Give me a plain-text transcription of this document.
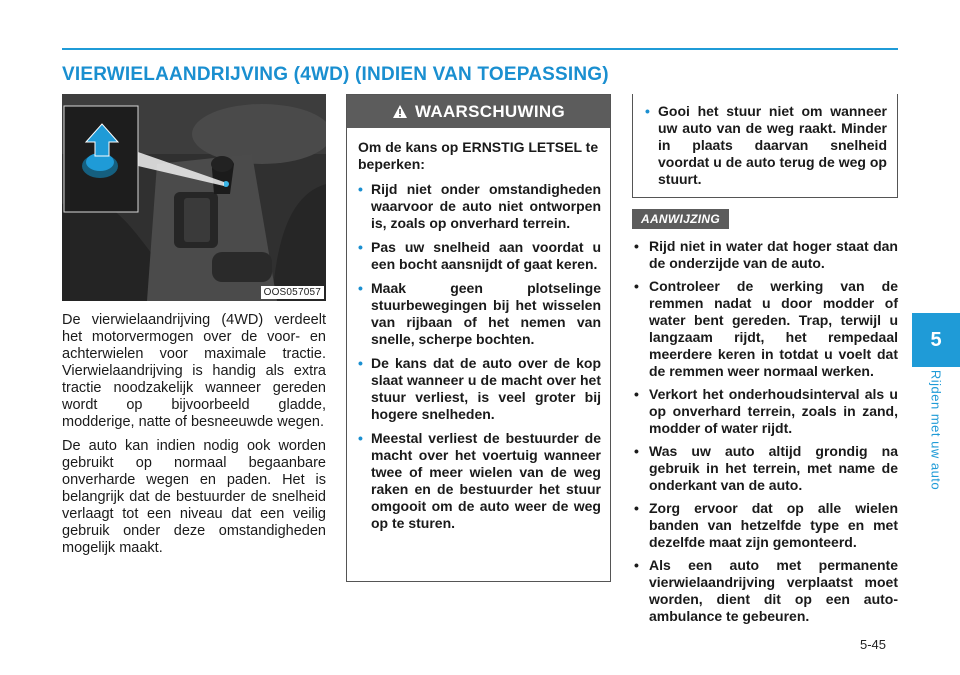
VIERWIELAANDRIJVING (4WD) (INDIEN VAN TOEPASSING)
OOS057057

De vierwielaandrijving (4WD) verdeelt het motorvermogen over de voor- en achterwielen voor maximale tractie. Vierwielaandrijving is handig als extra tractie noodzakelijk wanneer gereden wordt op bijvoorbeeld gladde, modderige, natte of besneeuwde wegen.

De auto kan indien nodig ook worden gebruikt op normaal begaanbare onverharde wegen en paden. Het is belangrijk dat de bestuurder de snelheid verlaagt tot een niveau dat een veilig gebruik onder deze omstandigheden mogelijk maakt.

WAARSCHUWING

Om de kans op ERNSTIG LETSEL te beperken:

• Rijd niet onder omstandigheden waarvoor de auto niet ontworpen is, zoals op onverhard terrein.
• Pas uw snelheid aan voordat u een bocht aansnijdt of gaat keren.
• Maak geen plotselinge stuurbewegingen bij het wisselen van rijbaan of het nemen van snelle, scherpe bochten.
• De kans dat de auto over de kop slaat wanneer u de macht over het stuur verliest, is veel groter bij hogere snelheden.
• Meestal verliest de bestuurder de macht over het voertuig wanneer twee of meer wielen van de weg raken en de bestuurder het stuur omgooit om de auto weer de weg op te sturen.
• Gooi het stuur niet om wanneer uw auto van de weg raakt. Minder in plaats daarvan snelheid voordat u de auto terug de weg op stuurt.
AANWIJZING
• Rijd niet in water dat hoger staat dan de onderzijde van de auto.
• Controleer de werking van de remmen nadat u door modder of water bent gereden. Trap, terwijl u langzaam rijdt, het rempedaal meerdere keren in totdat u voelt dat de remmen weer normaal werken.
• Verkort het onderhoudsinterval als u op onverhard terrein, zoals in zand, modder of water rijdt.
• Was uw auto altijd grondig na gebruik in het terrein, met name de onderkant van de auto.
• Zorg ervoor dat op alle wielen banden van hetzelfde type en met dezelfde maat zijn gemonteerd.
• Als een auto met permanente vierwielaandrijving verplaatst moet worden, dient dit op een auto-ambulance te gebeuren.
5
Rijden met uw auto
5-45
